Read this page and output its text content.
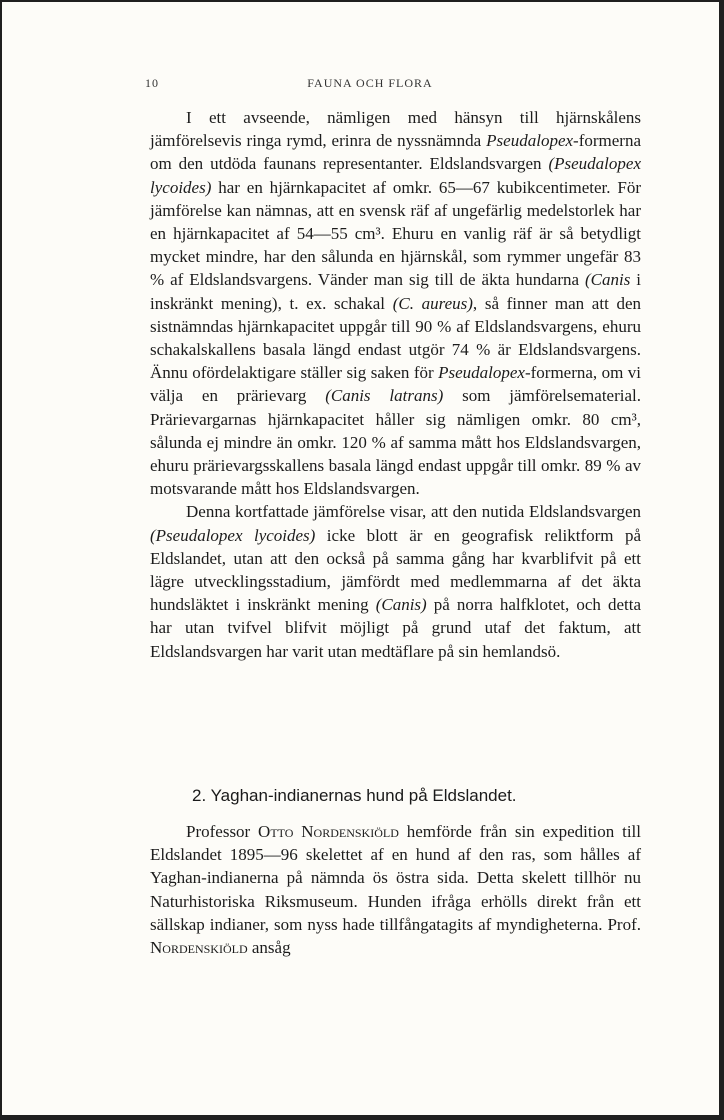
10	FAUNA OCH FLORA

I ett avseende, nämligen med hänsyn till hjärnskålens jämförelsevis ringa rymd, erinra de nyssnämnda Pseudalopex-formerna om den utdöda faunans representanter. Eldslandsvargen (Pseudalopex lycoides) har en hjärnkapacitet af omkr. 65—67 kubikcentimeter. För jämförelse kan nämnas, att en svensk räf af ungefärlig medelstorlek har en hjärnkapacitet af 54—55 cm³. Ehuru en vanlig räf är så betydligt mycket mindre, har den sålunda en hjärnskål, som rymmer ungefär 83 % af Eldslandsvargens. Vänder man sig till de äkta hundarna (Canis i inskränkt mening), t. ex. schakal (C. aureus), så finner man att den sistnämndas hjärnkapacitet uppgår till 90 % af Eldslandsvargens, ehuru schakalskallens basala längd endast utgör 74 % är Eldslandsvargens. Ännu ofördelaktigare ställer sig saken för Pseudalopex-formerna, om vi välja en prärievarg (Canis latrans) som jämförelsematerial. Prärievargarnas hjärnkapacitet håller sig nämligen omkr. 80 cm³, sålunda ej mindre än omkr. 120 % af samma mått hos Eldslandsvargen, ehuru prärievargsskallens basala längd endast uppgår till omkr. 89 % av motsvarande mått hos Eldslandsvargen.

Denna kortfattade jämförelse visar, att den nutida Eldslandsvargen (Pseudalopex lycoides) icke blott är en geografisk reliktform på Eldslandet, utan att den också på samma gång har kvarblifvit på ett lägre utvecklingsstadium, jämfördt med medlemmarna af det äkta hundsläktet i inskränkt mening (Canis) på norra halfklotet, och detta har utan tvifvel blifvit möjligt på grund utaf det faktum, att Eldslandsvargen har varit utan medtäflare på sin hemlandsö.

2. Yaghan-indianernas hund på Eldslandet.

Professor Otto Nordenskiöld hemförde från sin expedition till Eldslandet 1895—96 skelettet af en hund af den ras, som hålles af Yaghan-indianerna på nämnda ös östra sida. Detta skelett tillhör nu Naturhistoriska Riksmuseum. Hunden ifråga erhölls direkt från ett sällskap indianer, som nyss hade tillfångatagits af myndigheterna. Prof. Nordenskiöld ansåg
